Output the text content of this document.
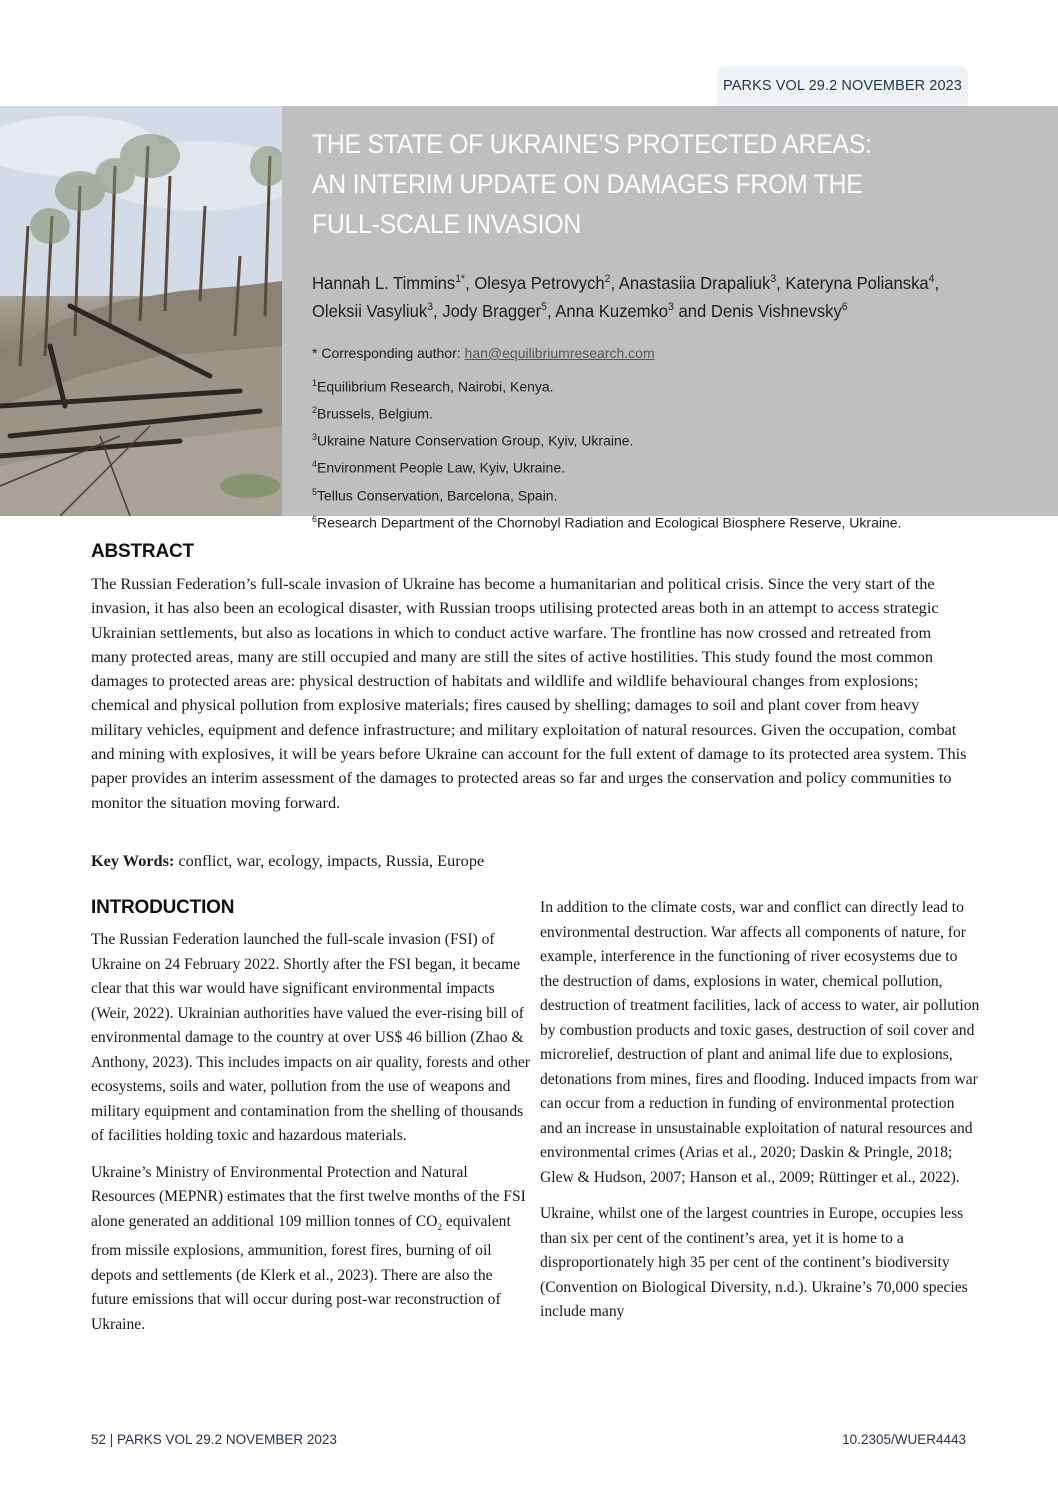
PARKS VOL 29.2 NOVEMBER 2023
THE STATE OF UKRAINE’S PROTECTED AREAS:
AN INTERIM UPDATE ON DAMAGES FROM THE
FULL-SCALE INVASION
Hannah L. Timmins$^{1*}$, Olesya Petrovych$^2$, Anastasiia Drapaliuk$^3$, Kateryna Polianska$^4$, Oleksii Vasyliuk$^3$, Jody Bragger$^5$, Anna Kuzemko$^3$ and Denis Vishnevsky$^6$
* Corresponding author: han@equilibriumresearch.com
$^1$Equilibrium Research, Nairobi, Kenya.
$^2$Brussels, Belgium.
$^3$Ukraine Nature Conservation Group, Kyiv, Ukraine.
$^4$Environment People Law, Kyiv, Ukraine.
$^5$Tellus Conservation, Barcelona, Spain.
$^6$Research Department of the Chornobyl Radiation and Ecological Biosphere Reserve, Ukraine.
ABSTRACT
The Russian Federation’s full-scale invasion of Ukraine has become a humanitarian and political crisis. Since the very start of the invasion, it has also been an ecological disaster, with Russian troops utilising protected areas both in an attempt to access strategic Ukrainian settlements, but also as locations in which to conduct active warfare. The frontline has now crossed and retreated from many protected areas, many are still occupied and many are still the sites of active hostilities. This study found the most common damages to protected areas are: physical destruction of habitats and wildlife and wildlife behavioural changes from explosions; chemical and physical pollution from explosive materials; fires caused by shelling; damages to soil and plant cover from heavy military vehicles, equipment and defence infrastructure; and military exploitation of natural resources. Given the occupation, combat and mining with explosives, it will be years before Ukraine can account for the full extent of damage to its protected area system. This paper provides an interim assessment of the damages to protected areas so far and urges the conservation and policy communities to monitor the situation moving forward.
Key Words: conflict, war, ecology, impacts, Russia, Europe
INTRODUCTION

The Russian Federation launched the full-scale invasion (FSI) of Ukraine on 24 February 2022. Shortly after the FSI began, it became clear that this war would have significant environmental impacts (Weir, 2022). Ukrainian authorities have valued the ever-rising bill of environmental damage to the country at over US$ 46 billion (Zhao & Anthony, 2023). This includes impacts on air quality, forests and other ecosystems, soils and water, pollution from the use of weapons and military equipment and contamination from the shelling of thousands of facilities holding toxic and hazardous materials.

Ukraine’s Ministry of Environmental Protection and Natural Resources (MEPNR) estimates that the first twelve months of the FSI alone generated an additional 109 million tonnes of $CO_2$ equivalent from missile explosions, ammunition, forest fires, burning of oil depots and settlements (de Klerk et al., 2023). There are also the future emissions that will occur during post-war reconstruction of Ukraine.

In addition to the climate costs, war and conflict can directly lead to environmental destruction. War affects all components of nature, for example, interference in the functioning of river ecosystems due to the destruction of dams, explosions in water, chemical pollution, destruction of treatment facilities, lack of access to water, air pollution by combustion products and toxic gases, destruction of soil cover and microrelief, destruction of plant and animal life due to explosions, detonations from mines, fires and flooding. Induced impacts from war can occur from a reduction in funding of environmental protection and an increase in unsustainable exploitation of natural resources and environmental crimes (Arias et al., 2020; Daskin & Pringle, 2018; Glew & Hudson, 2007; Hanson et al., 2009; Rüttinger et al., 2022).

Ukraine, whilst one of the largest countries in Europe, occupies less than six per cent of the continent’s area, yet it is home to a disproportionately high 35 per cent of the continent’s biodiversity (Convention on Biological Diversity, n.d.). Ukraine’s 70,000 species include many

52 | PARKS VOL 29.2 NOVEMBER 2023	10.2305/WUER4443
